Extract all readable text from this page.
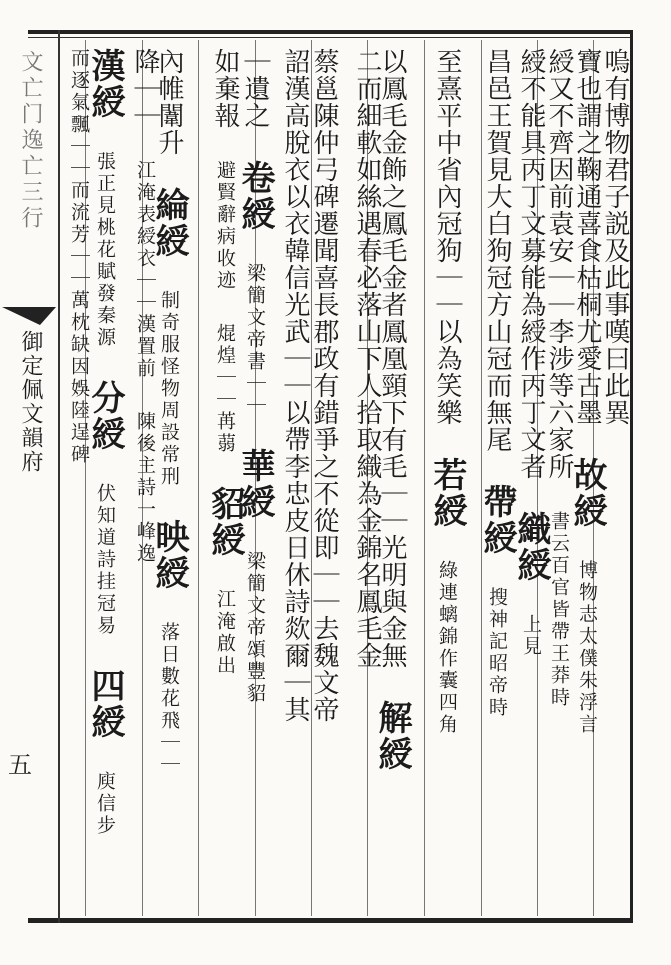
文亡门逸亡三行
御定佩文韻府
五
嗚有博物君子説及此事嘆曰此異
寶也謂之鞠通喜食枯桐尤愛古墨 故綬 博物志太僕朱浮言
綬又不齊因前袁安｜｜李涉等六家所 書云百官皆帶王莽時
綬不能具丙丁文募能為綬作丙丁文者 織綬 上見
昌邑王賀見大白狗冠方山冠而無尾 帶綬 搜神記昭帝時
至熹平中省內冠狗｜｜以為笑樂 若綬 綠連螭錦作囊四角
以鳳毛金飾之鳳毛金者鳳凰頸下有毛｜｜光明與金無 解綬
二而細軟如絲遇春必落山下人拾取織為金錦名鳳毛金
蔡邕陳仲弓碑遷聞喜長郡政有錯爭之不從即｜｜去魏文帝
詔漢高脫衣以衣韓信光武｜｜以帶李忠皮日休詩欻爾｜其
｜遺之 卷綬 梁簡文帝書｜｜ 華綬 梁簡文帝頌豐貂
如棄報 避賢辭病收迹 焜煌｜｜苒蒻 貂綬 江淹啟出
內帷闈升 綸綬 制奇服怪物周設常刑 映綬 落日數花飛｜｜
降｜｜ 江淹表綬衣｜｜漢置前 陳後主詩一峰逸
漢綬 張正見桃花賦發秦源 分綬 伏知道詩挂冠易 四綬 庾信步
而逐氣飄｜｜而流芳｜｜萬枕缺因娛陸逞碑
